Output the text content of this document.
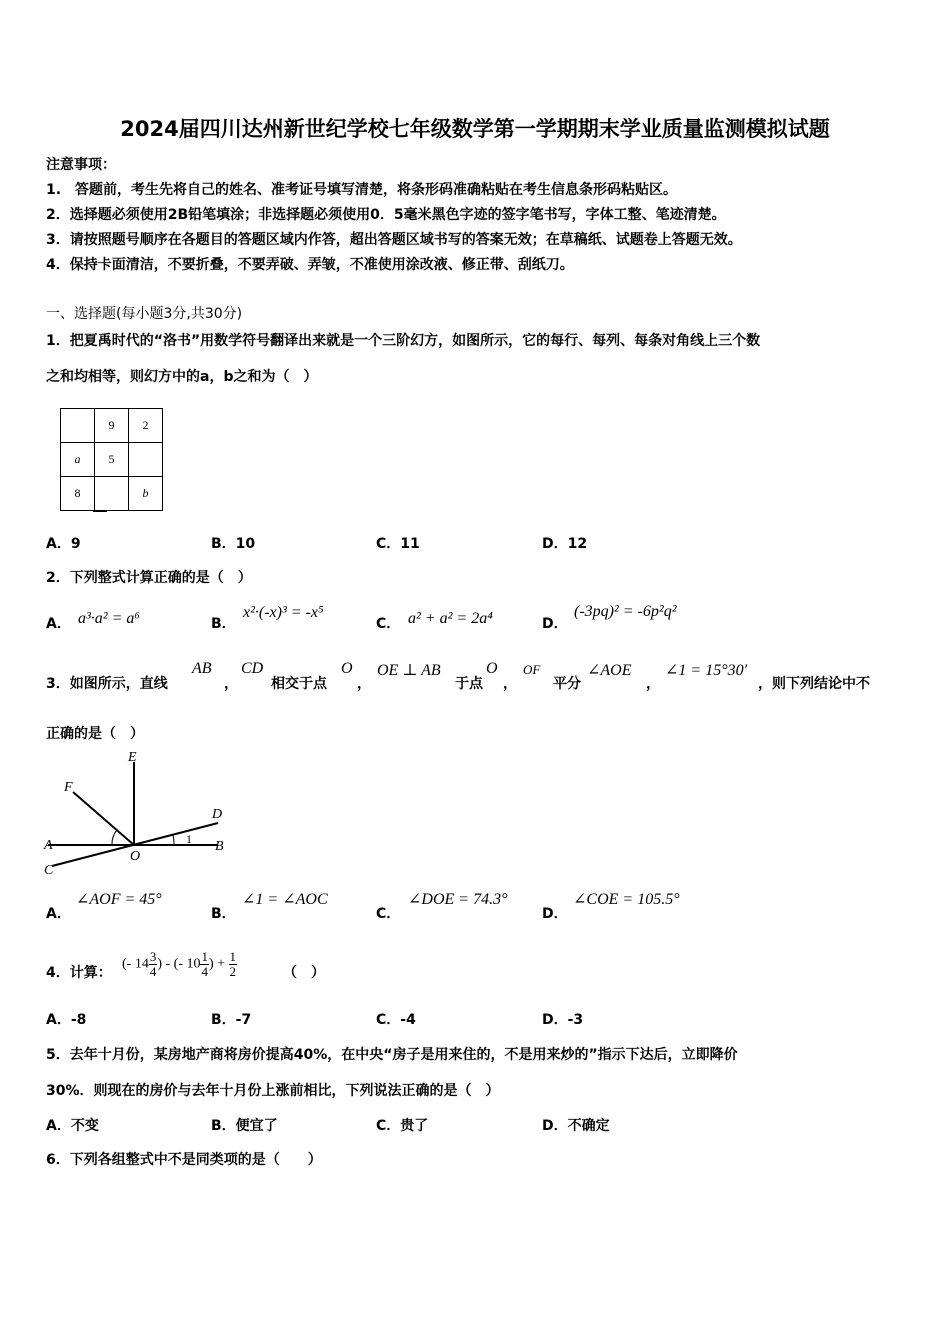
2024届四川达州新世纪学校七年级数学第一学期期末学业质量监测模拟试题
注意事项：
1.　答题前，考生先将自己的姓名、准考证号填写清楚，将条形码准确粘贴在考生信息条形码粘贴区。
2．选择题必须使用2B铅笔填涂；非选择题必须使用0．5毫米黑色字迹的签字笔书写，字体工整、笔迹清楚。
3．请按照题号顺序在各题目的答题区域内作答，超出答题区域书写的答案无效；在草稿纸、试题卷上答题无效。
4．保持卡面清洁，不要折叠，不要弄破、弄皱，不准使用涂改液、修正带、刮纸刀。
一、选择题(每小题3分,共30分)
1．把夏禹时代的“洛书”用数学符号翻译出来就是一个三阶幻方，如图所示，它的每行、每列、每条对角线上三个数
之和均相等，则幻方中的a，b之和为（　）
	9	2
a	5	
8		b
A．9	B．10	C．11	D．12
2．下列整式计算正确的是（　）
A． a³·a² = a⁶	B．
x²·(-x)³ = -x⁵
C． a² + a² = 2a⁴	D．
(-3pq)² = -6p²q²
3．如图所示，直线
AB
，
CD
相交于点
O
，
OE ⊥ AB
于点
O
，
OF
平分
∠AOE
，
∠1 = 15°30′
，则下列结论中不
正确的是（　）
E
F
D
A	B
C
O
1
A．
∠AOF = 45°
B．
∠1 = ∠AOC
C．
∠DOE = 74.3°
D．
∠COE = 105.5°
4．计算：
(- $14 \frac{3}{4}$ ) - (- $10 \frac{1}{4}$ ) + $\frac{1}{2}$	（　）
A．-8	B．-7	C．-4	D．-3
5．去年十月份，某房地产商将房价提高40%，在中央“房子是用来住的，不是用来炒的”指示下达后，立即降价
30%．则现在的房价与去年十月份上涨前相比，下列说法正确的是（　）
A．不变	B．便宜了	C．贵了	D．不确定
6．下列各组整式中不是同类项的是（　　）
